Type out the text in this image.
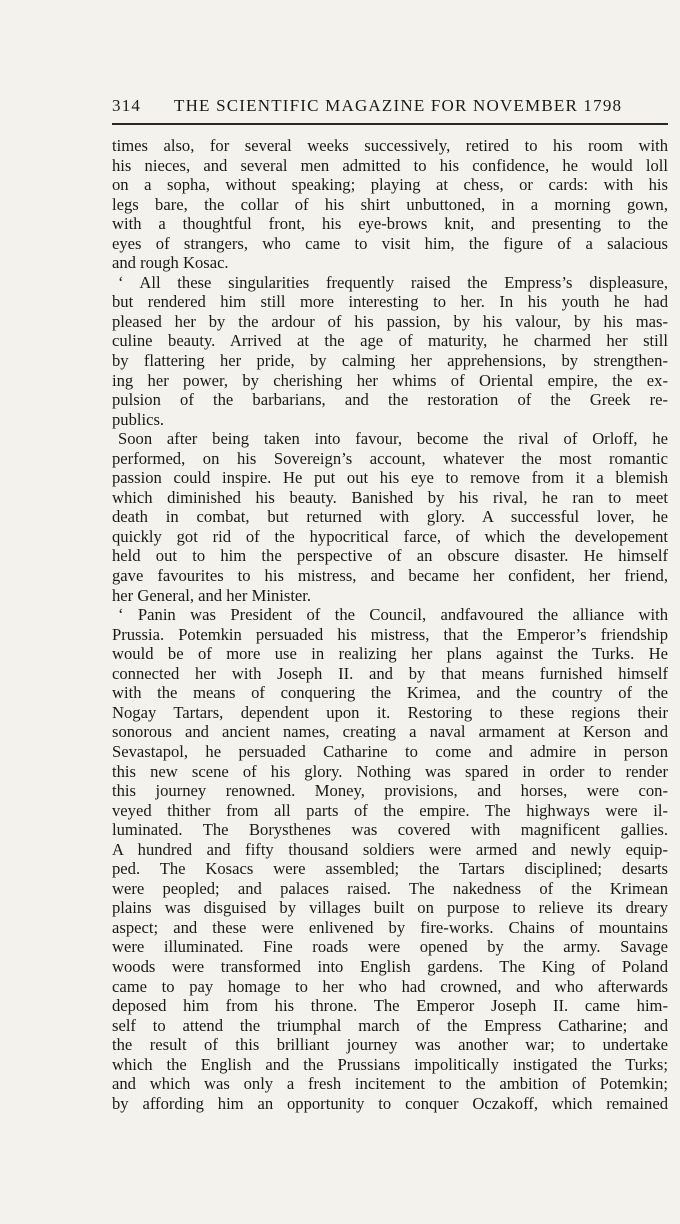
314 THE SCIENTIFIC MAGAZINE FOR NOVEMBER 1798
times also, for several weeks successively, retired to his room with
his nieces, and several men admitted to his confidence, he would loll
on a sopha, without speaking; playing at chess, or cards: with his
legs bare, the collar of his shirt unbuttoned, in a morning gown,
with a thoughtful front, his eye-brows knit, and presenting to the
eyes of strangers, who came to visit him, the figure of a salacious
and rough Kosac.
‘ All these singularities frequently raised the Empress’s displeasure,
but rendered him still more interesting to her. In his youth he had
pleased her by the ardour of his passion, by his valour, by his mas-
culine beauty. Arrived at the age of maturity, he charmed her still
by flattering her pride, by calming her apprehensions, by strengthen-
ing her power, by cherishing her whims of Oriental empire, the ex-
pulsion of the barbarians, and the restoration of the Greek re-
publics.
Soon after being taken into favour, become the rival of Orloff, he
performed, on his Sovereign’s account, whatever the most romantic
passion could inspire. He put out his eye to remove from it a blemish
which diminished his beauty. Banished by his rival, he ran to meet
death in combat, but returned with glory. A successful lover, he
quickly got rid of the hypocritical farce, of which the developement
held out to him the perspective of an obscure disaster. He himself
gave favourites to his mistress, and became her confident, her friend,
her General, and her Minister.
‘ Panin was President of the Council, andfavoured the alliance with
Prussia. Potemkin persuaded his mistress, that the Emperor’s friendship
would be of more use in realizing her plans against the Turks. He
connected her with Joseph II. and by that means furnished himself
with the means of conquering the Krimea, and the country of the
Nogay Tartars, dependent upon it. Restoring to these regions their
sonorous and ancient names, creating a naval armament at Kerson and
Sevastapol, he persuaded Catharine to come and admire in person
this new scene of his glory. Nothing was spared in order to render
this journey renowned. Money, provisions, and horses, were con-
veyed thither from all parts of the empire. The highways were il-
luminated. The Borysthenes was covered with magnificent gallies.
A hundred and fifty thousand soldiers were armed and newly equip-
ped. The Kosacs were assembled; the Tartars disciplined; desarts
were peopled; and palaces raised. The nakedness of the Krimean
plains was disguised by villages built on purpose to relieve its dreary
aspect; and these were enlivened by fire-works. Chains of mountains
were illuminated. Fine roads were opened by the army. Savage
woods were transformed into English gardens. The King of Poland
came to pay homage to her who had crowned, and who afterwards
deposed him from his throne. The Emperor Joseph II. came him-
self to attend the triumphal march of the Empress Catharine; and
the result of this brilliant journey was another war; to undertake
which the English and the Prussians impolitically instigated the Turks;
and which was only a fresh incitement to the ambition of Potemkin;
by affording him an opportunity to conquer Oczakoff, which remained
